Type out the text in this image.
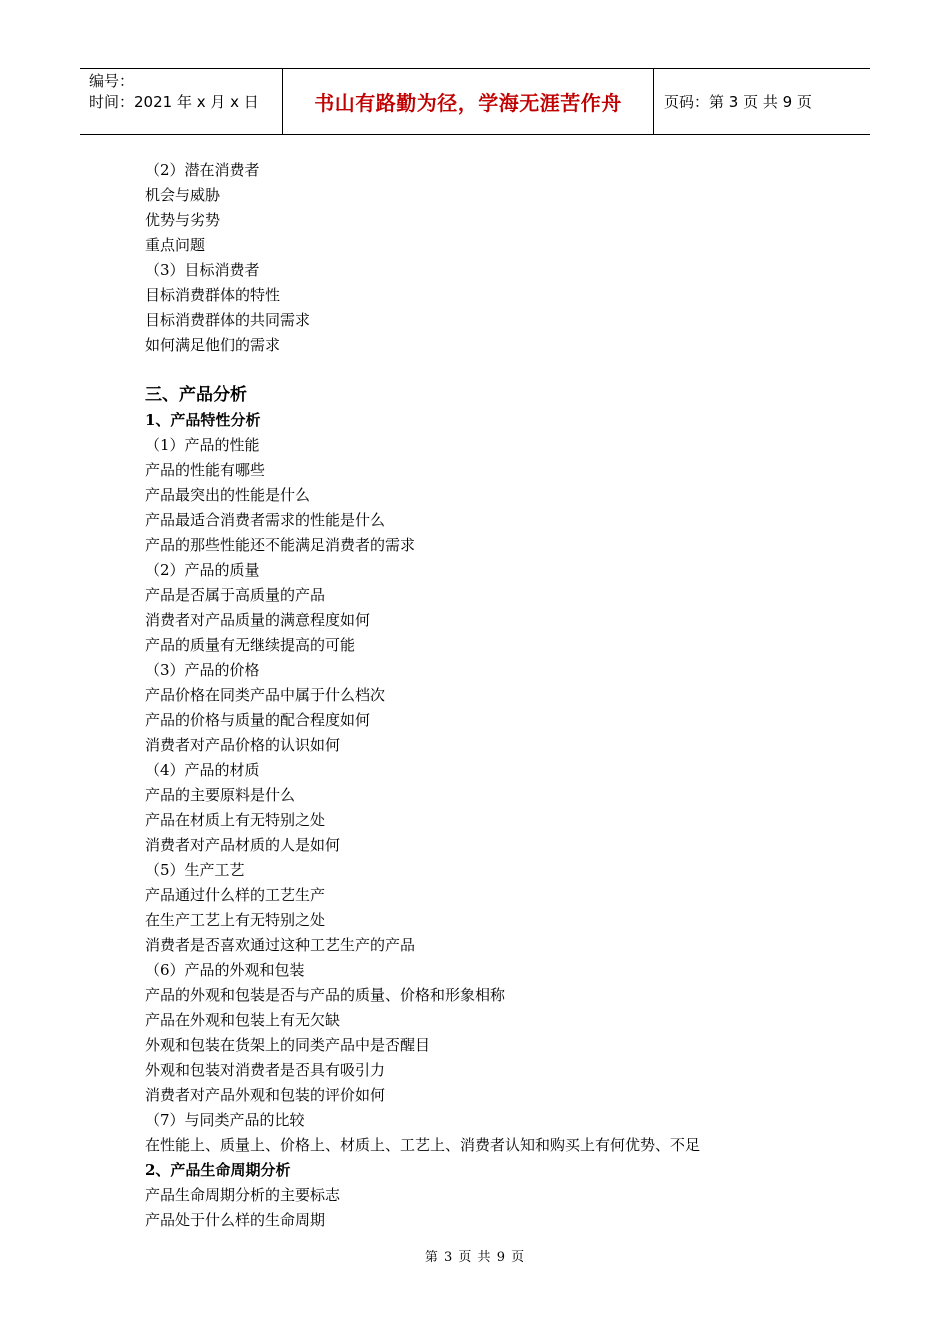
编号：
时间：2021 年 x 月 x 日	书山有路勤为径，学海无涯苦作舟	页码：第 3 页 共 9 页
（2）潜在消费者
机会与威胁
优势与劣势
重点问题
（3）目标消费者
目标消费群体的特性
目标消费群体的共同需求
如何满足他们的需求
三、产品分析
1、产品特性分析
（1）产品的性能
产品的性能有哪些
产品最突出的性能是什么
产品最适合消费者需求的性能是什么
产品的那些性能还不能满足消费者的需求
（2）产品的质量
产品是否属于高质量的产品
消费者对产品质量的满意程度如何
产品的质量有无继续提高的可能
（3）产品的价格
产品价格在同类产品中属于什么档次
产品的价格与质量的配合程度如何
消费者对产品价格的认识如何
（4）产品的材质
产品的主要原料是什么
产品在材质上有无特别之处
消费者对产品材质的人是如何
（5）生产工艺
产品通过什么样的工艺生产
在生产工艺上有无特别之处
消费者是否喜欢通过这种工艺生产的产品
（6）产品的外观和包装
产品的外观和包装是否与产品的质量、价格和形象相称
产品在外观和包装上有无欠缺
外观和包装在货架上的同类产品中是否醒目
外观和包装对消费者是否具有吸引力
消费者对产品外观和包装的评价如何
（7）与同类产品的比较
在性能上、质量上、价格上、材质上、工艺上、消费者认知和购买上有何优势、不足
2、产品生命周期分析
产品生命周期分析的主要标志
产品处于什么样的生命周期
第 3 页 共 9 页
